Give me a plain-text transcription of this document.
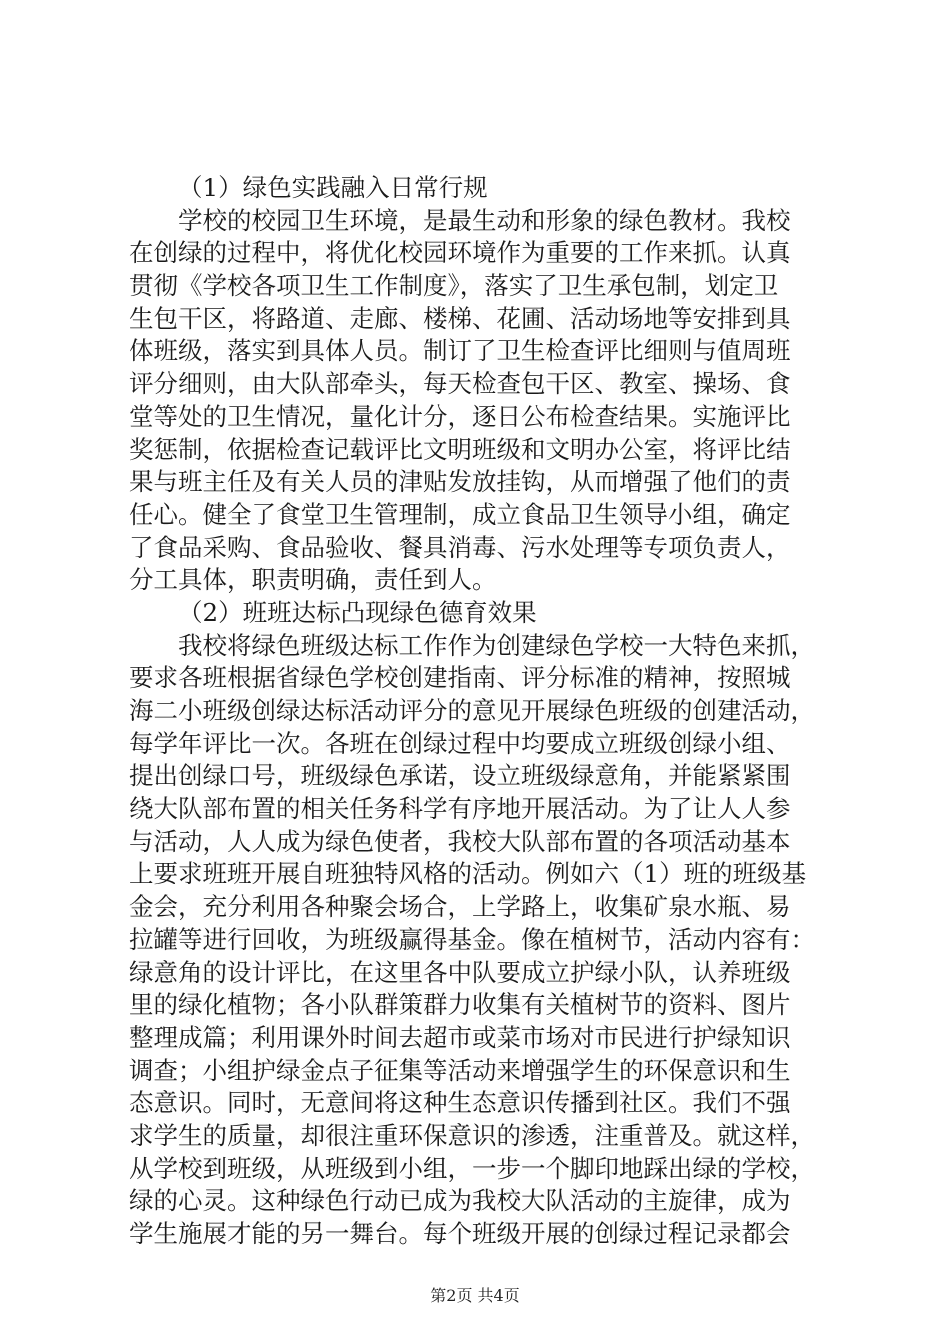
（1）绿色实践融入日常行规
学校的校园卫生环境，是最生动和形象的绿色教材。我校
在创绿的过程中，将优化校园环境作为重要的工作来抓。认真
贯彻《学校各项卫生工作制度》，落实了卫生承包制，划定卫
生包干区，将路道、走廊、楼梯、花圃、活动场地等安排到具
体班级，落实到具体人员。制订了卫生检查评比细则与值周班
评分细则，由大队部牵头，每天检查包干区、教室、操场、食
堂等处的卫生情况，量化计分，逐日公布检查结果。实施评比
奖惩制，依据检查记载评比文明班级和文明办公室，将评比结
果与班主任及有关人员的津贴发放挂钩，从而增强了他们的责
任心。健全了食堂卫生管理制，成立食品卫生领导小组，确定
了食品采购、食品验收、餐具消毒、污水处理等专项负责人，
分工具体，职责明确，责任到人。
（2）班班达标凸现绿色德育效果
我校将绿色班级达标工作作为创建绿色学校一大特色来抓，
要求各班根据省绿色学校创建指南、评分标准的精神，按照城
海二小班级创绿达标活动评分的意见开展绿色班级的创建活动，
每学年评比一次。各班在创绿过程中均要成立班级创绿小组、
提出创绿口号，班级绿色承诺，设立班级绿意角，并能紧紧围
绕大队部布置的相关任务科学有序地开展活动。为了让人人参
与活动，人人成为绿色使者，我校大队部布置的各项活动基本
上要求班班开展自班独特风格的活动。例如六（1）班的班级基
金会，充分利用各种聚会场合，上学路上，收集矿泉水瓶、易
拉罐等进行回收，为班级赢得基金。像在植树节，活动内容有：
绿意角的设计评比，在这里各中队要成立护绿小队，认养班级
里的绿化植物；各小队群策群力收集有关植树节的资料、图片
整理成篇；利用课外时间去超市或菜市场对市民进行护绿知识
调查；小组护绿金点子征集等活动来增强学生的环保意识和生
态意识。同时，无意间将这种生态意识传播到社区。我们不强
求学生的质量，却很注重环保意识的渗透，注重普及。就这样，
从学校到班级，从班级到小组，一步一个脚印地踩出绿的学校，
绿的心灵。这种绿色行动已成为我校大队活动的主旋律，成为
学生施展才能的另一舞台。每个班级开展的创绿过程记录都会
第2页 共4页
